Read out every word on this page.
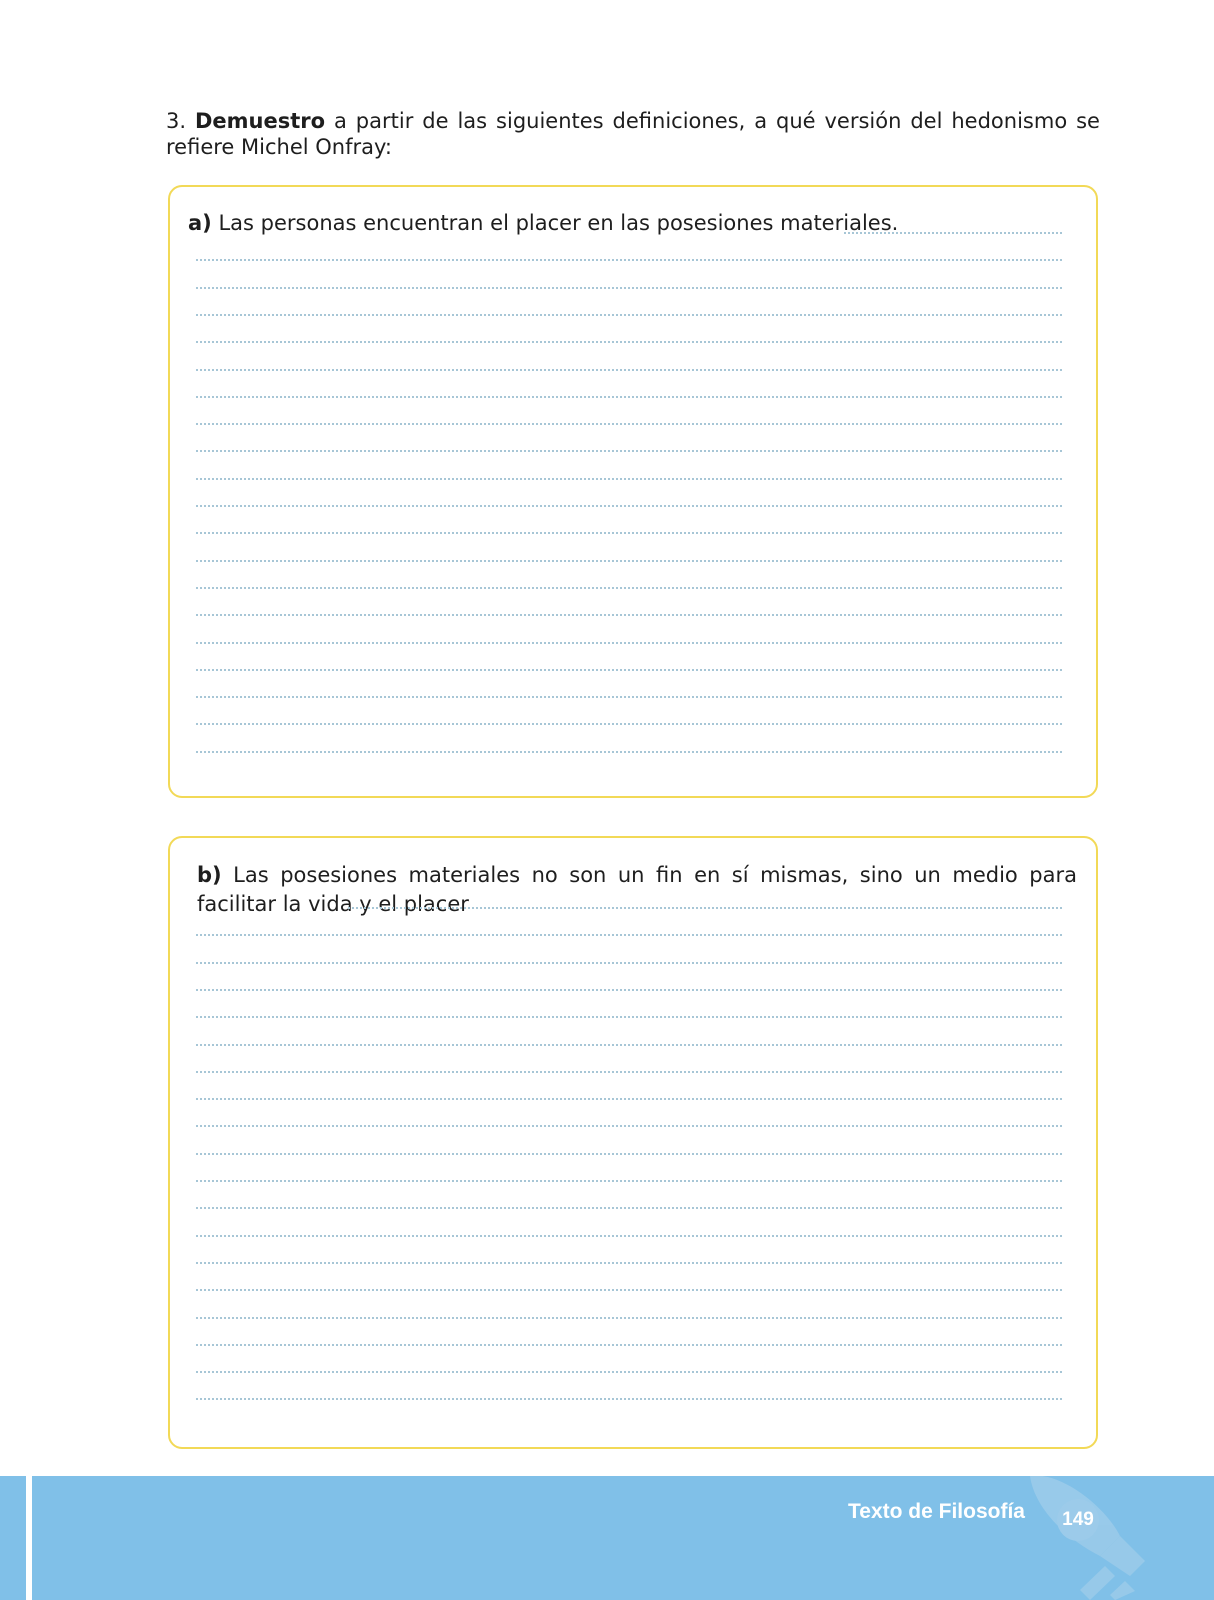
3. Demuestro a partir de las siguientes definiciones, a qué versión del hedonismo se refiere Michel Onfray:

a) Las personas encuentran el placer en las posesiones materiales.
b) Las posesiones materiales no son un fin en sí mismas, sino un medio para facilitar la vida y el placer
Texto de Filosofía 149
